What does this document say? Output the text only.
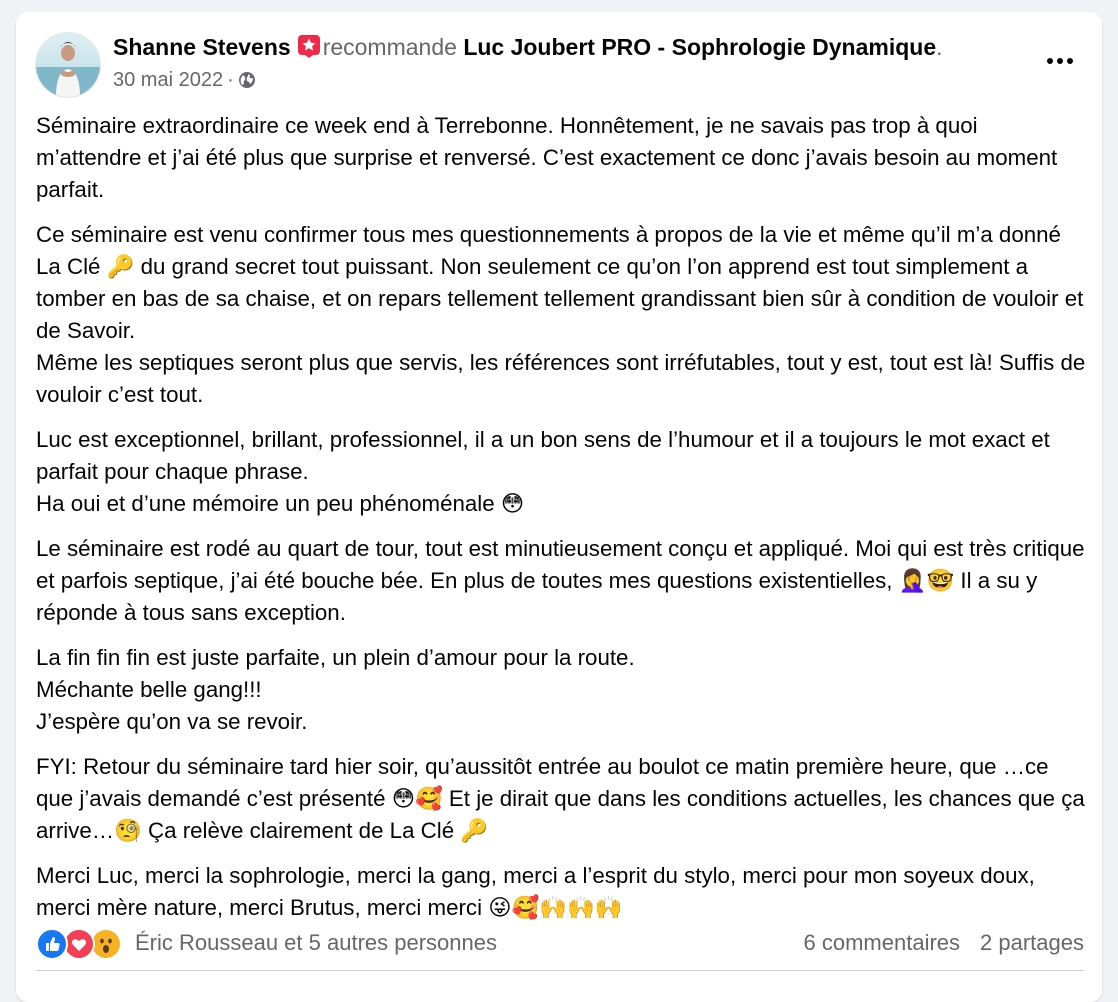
Shanne Stevens recommande Luc Joubert PRO - Sophrologie Dynamique.
30 mai 2022 ·

Séminaire extraordinaire ce week end à Terrebonne. Honnêtement, je ne savais pas trop à quoi m’attendre et j’ai été plus que surprise et renversé. C’est exactement ce donc j’avais besoin au moment parfait.

Ce séminaire est venu confirmer tous mes questionnements à propos de la vie et même qu’il m’a donné La Clé 🔑 du grand secret tout puissant. Non seulement ce qu’on l’on apprend est tout simplement a tomber en bas de sa chaise, et on repars tellement tellement grandissant bien sûr à condition de vouloir et de Savoir.
Même les septiques seront plus que servis, les références sont irréfutables, tout y est, tout est là! Suffis de vouloir c’est tout.

Luc est exceptionnel, brillant, professionnel, il a un bon sens de l’humour et il a toujours le mot exact et parfait pour chaque phrase.
Ha oui et d’une mémoire un peu phénoménale 😳

Le séminaire est rodé au quart de tour, tout est minutieusement conçu et appliqué. Moi qui est très critique et parfois septique, j’ai été bouche bée. En plus de toutes mes questions existentielles, 🤦‍♀️🤓 Il a su y réponde à tous sans exception.

La fin fin fin est juste parfaite, un plein d’amour pour la route.
Méchante belle gang!!!
J’espère qu’on va se revoir.

FYI: Retour du séminaire tard hier soir, qu’aussitôt entrée au boulot ce matin première heure, que …ce que j’avais demandé c’est présenté 😳🥰 Et je dirait que dans les conditions actuelles, les chances que ça arrive…🧐 Ça relève clairement de La Clé 🔑

Merci Luc, merci la sophrologie, merci la gang, merci a l’esprit du stylo, merci pour mon soyeux doux, merci mère nature, merci Brutus, merci merci 😜🥰🙌🙌🙌

Éric Rousseau et 5 autres personnes	6 commentaires 2 partages
